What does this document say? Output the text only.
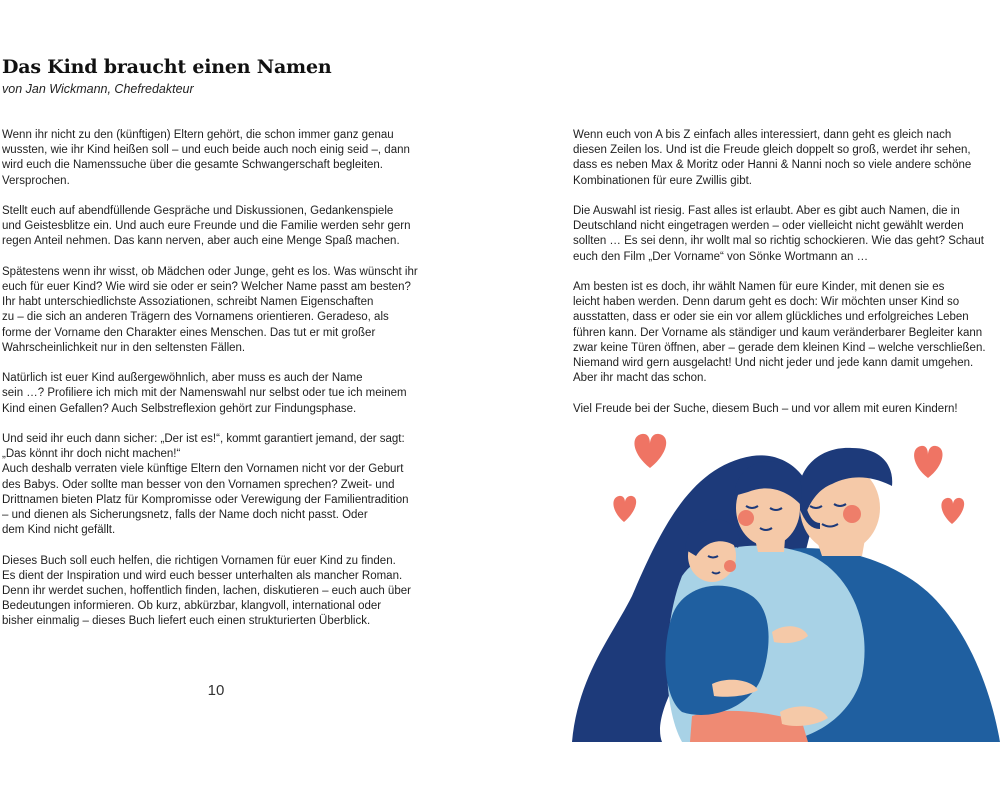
Das Kind braucht einen Namen

von Jan Wickmann, Chefredakteur

Wenn ihr nicht zu den (künftigen) Eltern gehört, die schon immer ganz genau
wussten, wie ihr Kind heißen soll – und euch beide auch noch einig seid –, dann
wird euch die Namenssuche über die gesamte Schwangerschaft begleiten.
Versprochen.

Stellt euch auf abendfüllende Gespräche und Diskussionen, Gedankenspiele
und Geistesblitze ein. Und auch eure Freunde und die Familie werden sehr gern
regen Anteil nehmen. Das kann nerven, aber auch eine Menge Spaß machen.

Spätestens wenn ihr wisst, ob Mädchen oder Junge, geht es los. Was wünscht ihr
euch für euer Kind? Wie wird sie oder er sein? Welcher Name passt am besten?
Ihr habt unterschiedlichste Assoziationen, schreibt Namen Eigenschaften
zu – die sich an anderen Trägern des Vornamens orientieren. Geradeso, als
forme der Vorname den Charakter eines Menschen. Das tut er mit großer
Wahrscheinlichkeit nur in den seltensten Fällen.

Natürlich ist euer Kind außergewöhnlich, aber muss es auch der Name
sein …? Profiliere ich mich mit der Namenswahl nur selbst oder tue ich meinem
Kind einen Gefallen? Auch Selbstreflexion gehört zur Findungsphase.

Und seid ihr euch dann sicher: „Der ist es!“, kommt garantiert jemand, der sagt:
„Das könnt ihr doch nicht machen!“
Auch deshalb verraten viele künftige Eltern den Vornamen nicht vor der Geburt
des Babys. Oder sollte man besser von den Vornamen sprechen? Zweit- und
Drittnamen bieten Platz für Kompromisse oder Verewigung der Familientradition
– und dienen als Sicherungsnetz, falls der Name doch nicht passt. Oder
dem Kind nicht gefällt.

Dieses Buch soll euch helfen, die richtigen Vornamen für euer Kind zu finden.
Es dient der Inspiration und wird euch besser unterhalten als mancher Roman.
Denn ihr werdet suchen, hoffentlich finden, lachen, diskutieren – euch auch über
Bedeutungen informieren. Ob kurz, abkürzbar, klangvoll, international oder
bisher einmalig – dieses Buch liefert euch einen strukturierten Überblick.

Wenn euch von A bis Z einfach alles interessiert, dann geht es gleich nach
diesen Zeilen los. Und ist die Freude gleich doppelt so groß, werdet ihr sehen,
dass es neben Max & Moritz oder Hanni & Nanni noch so viele andere schöne
Kombinationen für eure Zwillis gibt.

Die Auswahl ist riesig. Fast alles ist erlaubt. Aber es gibt auch Namen, die in
Deutschland nicht eingetragen werden – oder vielleicht nicht gewählt werden
sollten … Es sei denn, ihr wollt mal so richtig schockieren. Wie das geht? Schaut
euch den Film „Der Vorname“ von Sönke Wortmann an …

Am besten ist es doch, ihr wählt Namen für eure Kinder, mit denen sie es
leicht haben werden. Denn darum geht es doch: Wir möchten unser Kind so
ausstatten, dass er oder sie ein vor allem glückliches und erfolgreiches Leben
führen kann. Der Vorname als ständiger und kaum veränderbarer Begleiter kann
zwar keine Türen öffnen, aber – gerade dem kleinen Kind – welche verschließen.
Niemand wird gern ausgelacht! Und nicht jeder und jede kann damit umgehen.
Aber ihr macht das schon.

Viel Freude bei der Suche, diesem Buch – und vor allem mit euren Kindern!

10
